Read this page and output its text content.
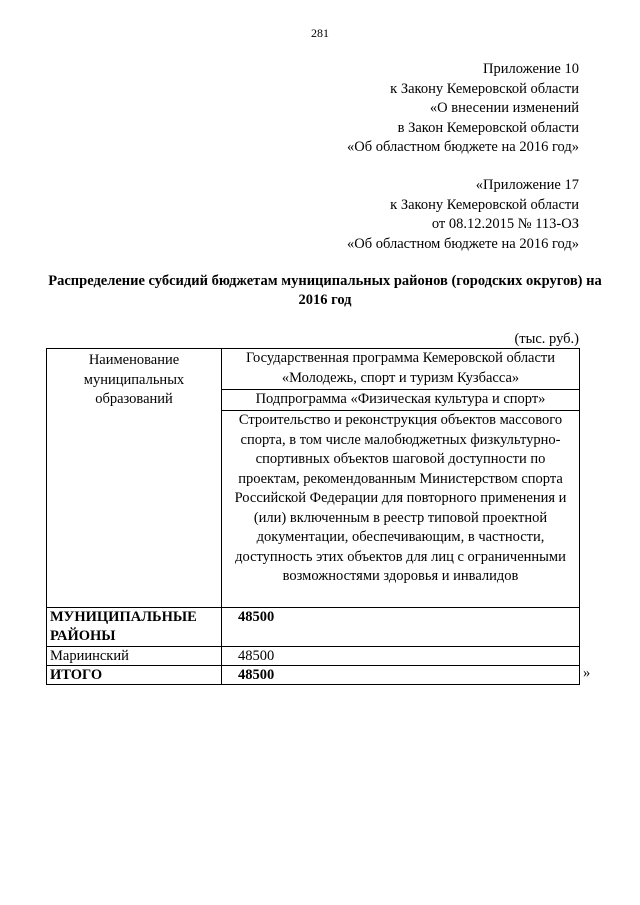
281
Приложение 10
к Закону Кемеровской области
«О внесении изменений
в Закон Кемеровской области
«Об областном бюджете на 2016 год»
«Приложение 17
к Закону Кемеровской области
от 08.12.2015 № 113-ОЗ
«Об областном бюджете на 2016 год»
Распределение субсидий бюджетам муниципальных районов (городских округов) на 2016 год
(тыс. руб.)
Наименование муниципальных образований	Государственная программа Кемеровской области «Молодежь, спорт и туризм Кузбасса»
	Подпрограмма «Физическая культура и спорт»
	Строительство и реконструкция объектов массового спорта, в том числе малобюджетных физкультурно-спортивных объектов шаговой доступности по проектам, рекомендованным Министерством спорта Российской Федерации для повторного применения и (или) включенным в реестр типовой проектной документации, обеспечивающим, в частности, доступность этих объектов для лиц с ограниченными возможностями здоровья и инвалидов
МУНИЦИПАЛЬНЫЕ РАЙОНЫ	48500
Мариинский	48500
ИТОГО	48500	»
